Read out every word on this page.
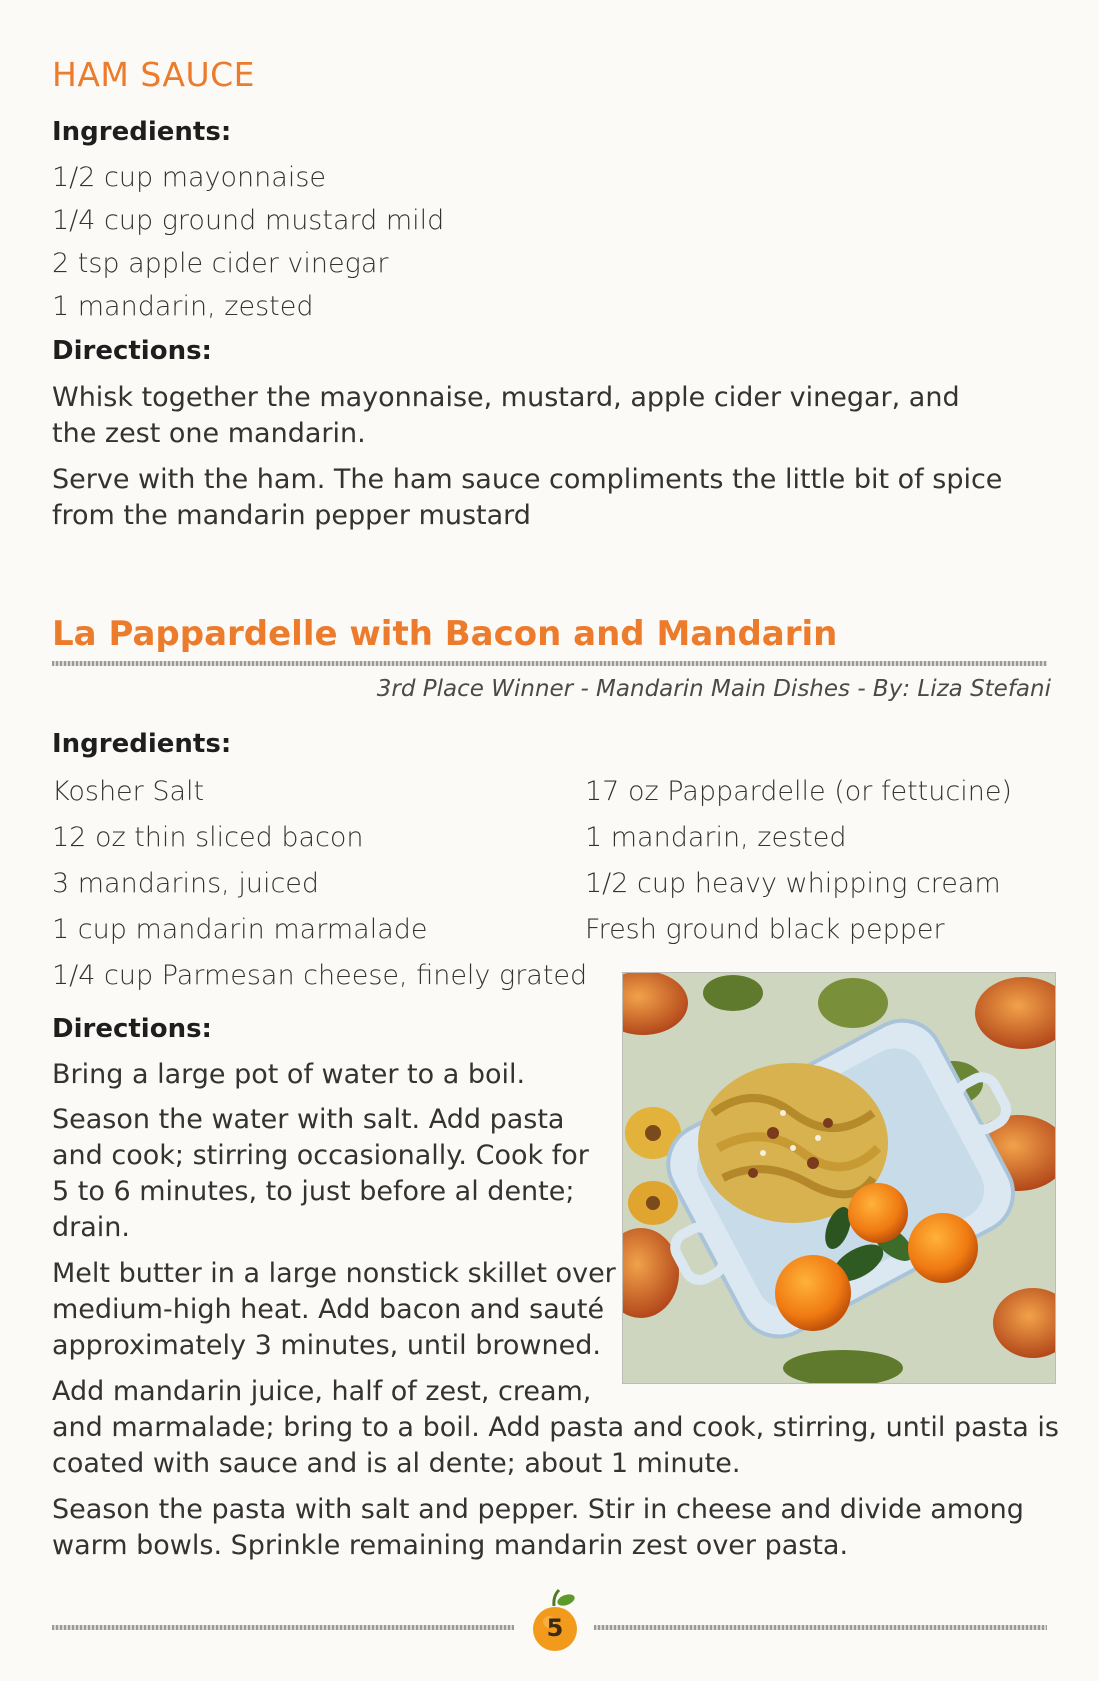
HAM SAUCE
Ingredients:
1/2 cup mayonnaise
1/4 cup ground mustard mild
2 tsp apple cider vinegar
1 mandarin, zested
Directions:
Whisk together the mayonnaise, mustard, apple cider vinegar, and the zest one mandarin.
Serve with the ham. The ham sauce compliments the little bit of spice from the mandarin pepper mustard
La Pappardelle with Bacon and Mandarin
3rd Place Winner - Mandarin Main Dishes - By: Liza Stefani
Ingredients:
Kosher Salt
12 oz thin sliced bacon
3 mandarins, juiced
1 cup mandarin marmalade
1/4 cup Parmesan cheese, finely grated
17 oz Pappardelle (or fettucine)
1 mandarin, zested
1/2 cup heavy whipping cream
Fresh ground black pepper
Directions:
Bring a large pot of water to a boil.
Season the water with salt. Add pasta
and cook; stirring occasionally. Cook for
5 to 6 minutes, to just before al dente;
drain.
Melt butter in a large nonstick skillet over
medium-high heat. Add bacon and sauté
approximately 3 minutes, until browned.
Add mandarin juice, half of zest, cream,
and marmalade; bring to a boil. Add pasta and cook, stirring, until pasta is
coated with sauce and is al dente; about 1 minute.
Season the pasta with salt and pepper. Stir in cheese and divide among
warm bowls. Sprinkle remaining mandarin zest over pasta.
5
